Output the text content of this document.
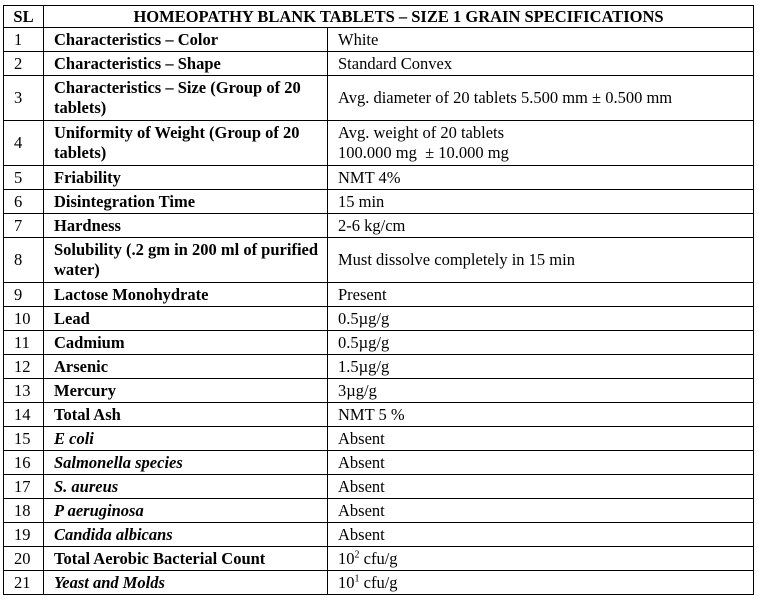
SL	HOMEOPATHY BLANK TABLETS – SIZE 1 GRAIN SPECIFICATIONS	
1	Characteristics – Color	White
2	Characteristics – Shape	Standard Convex
3	Characteristics – Size (Group of 20 tablets)	Avg. diameter of 20 tablets 5.500 mm ± 0.500 mm
4	Uniformity of Weight (Group of 20 tablets)	Avg. weight of 20 tablets
100.000 mg  ± 10.000 mg

5	Friability	NMT 4%
6	Disintegration Time	15 min
7	Hardness	2-6 kg/cm
8	Solubility (.2 gm in 200 ml of purified water)	Must dissolve completely in 15 min
9	Lactose Monohydrate	Present
10	Lead	0.5µg/g
11	Cadmium	0.5µg/g
12	Arsenic	1.5µg/g
13	Mercury	3µg/g
14	Total Ash	NMT 5 %
15	E coli	Absent
16	Salmonella species	Absent
17	S. aureus	Absent
18	P aeruginosa	Absent
19	Candida albicans	Absent
20	Total Aerobic Bacterial Count	$10^2$ cfu/g
21	Yeast and Molds	$10^1$ cfu/g
